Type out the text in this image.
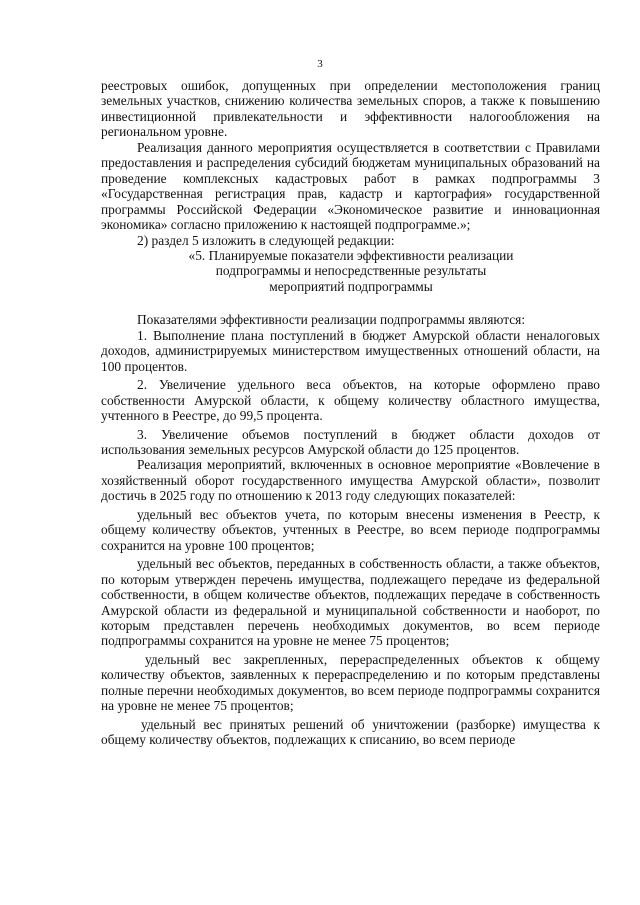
3

реестровых ошибок, допущенных при определении местоположения границ земельных участков, снижению количества земельных споров, а также к повышению инвестиционной привлекательности и эффективности налогообложения на региональном уровне.

Реализация данного мероприятия осуществляется в соответствии с Правилами предоставления и распределения субсидий бюджетам муниципальных образований на проведение комплексных кадастровых работ в рамках подпрограммы 3 «Государственная регистрация прав, кадастр и картография» государственной программы Российской Федерации «Экономическое развитие и инновационная экономика» согласно приложению к настоящей подпрограмме.»;

2) раздел 5 изложить в следующей редакции:

«5. Планируемые показатели эффективности реализации подпрограммы и непосредственные результаты мероприятий подпрограммы

Показателями эффективности реализации подпрограммы являются:

1. Выполнение плана поступлений в бюджет Амурской области неналоговых доходов, администрируемых министерством имущественных отношений области, на 100 процентов.

2. Увеличение удельного веса объектов, на которые оформлено право собственности Амурской области, к общему количеству областного имущества, учтенного в Реестре, до 99,5 процента.

3. Увеличение объемов поступлений в бюджет области доходов от использования земельных ресурсов Амурской области до 125 процентов.

Реализация мероприятий, включенных в основное мероприятие «Вовлечение в хозяйственный оборот государственного имущества Амурской области», позволит достичь в 2025 году по отношению к 2013 году следующих показателей:

удельный вес объектов учета, по которым внесены изменения в Реестр, к общему количеству объектов, учтенных в Реестре, во всем периоде подпрограммы сохранится на уровне 100 процентов;

удельный вес объектов, переданных в собственность области, а также объектов, по которым утвержден перечень имущества, подлежащего передаче из федеральной собственности, в общем количестве объектов, подлежащих передаче в собственность Амурской области из федеральной и муниципальной собственности и наоборот, по которым представлен перечень необходимых документов, во всем периоде подпрограммы сохранится на уровне не менее 75 процентов;

удельный вес закрепленных, перераспределенных объектов к общему количеству объектов, заявленных к перераспределению и по которым представлены полные перечни необходимых документов, во всем периоде подпрограммы сохранится на уровне не менее 75 процентов;

удельный вес принятых решений об уничтожении (разборке) имущества к общему количеству объектов, подлежащих к списанию, во всем периоде
